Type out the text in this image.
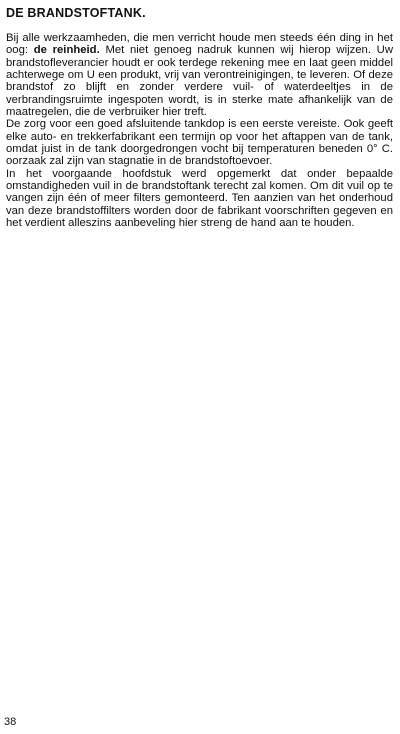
DE BRANDSTOFTANK.

Bij alle werkzaamheden, die men verricht houde men steeds één ding in het oog: de reinheid. Met niet genoeg nadruk kunnen wij hierop wijzen. Uw brandstofleverancier houdt er ook terdege rekening mee en laat geen middel achterwege om U een produkt, vrij van verontreinigingen, te leveren. Of deze brandstof zo blijft en zonder verdere vuil- of waterdeeltjes in de verbrandingsruimte ingespoten wordt, is in sterke mate afhankelijk van de maatregelen, die de verbruiker hier treft.

De zorg voor een goed afsluitende tankdop is een eerste vereiste. Ook geeft elke auto- en trekkerfabrikant een termijn op voor het aftappen van de tank, omdat juist in de tank doorgedrongen vocht bij temperaturen beneden 0° C. oorzaak zal zijn van stagnatie in de brandstoftoevoer.

In het voorgaande hoofdstuk werd opgemerkt dat onder bepaalde omstandigheden vuil in de brandstoftank terecht zal komen. Om dit vuil op te vangen zijn één of meer filters gemonteerd. Ten aanzien van het onderhoud van deze brandstoffilters worden door de fabrikant voorschriften gegeven en het verdient alleszins aanbeveling hier streng de hand aan te houden.

38
